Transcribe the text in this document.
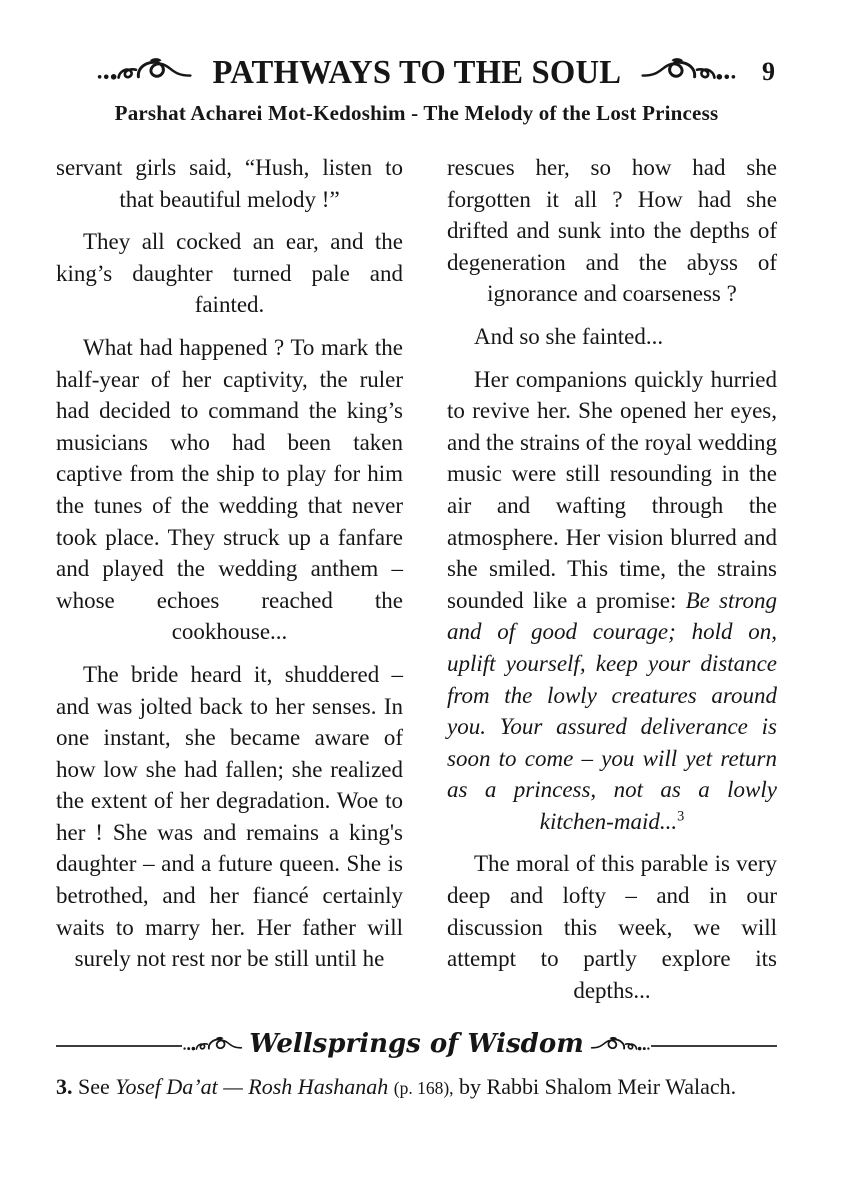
PATHWAYS TO THE SOUL	9
Parshat Acharei Mot-Kedoshim - The Melody of the Lost Princess

servant girls said, “Hush, listen to that beautiful melody !”

They all cocked an ear, and the king’s daughter turned pale and fainted.

What had happened ? To mark the half-year of her captivity, the ruler had decided to command the king’s musicians who had been taken captive from the ship to play for him the tunes of the wedding that never took place. They struck up a fanfare and played the wedding anthem – whose echoes reached the cookhouse...

The bride heard it, shuddered – and was jolted back to her senses. In one instant, she became aware of how low she had fallen; she realized the extent of her degradation. Woe to her ! She was and remains a king's daughter – and a future queen. She is betrothed, and her fiancé certainly waits to marry her. Her father will surely not rest nor be still until he

rescues her, so how had she forgotten it all ? How had she drifted and sunk into the depths of degeneration and the abyss of ignorance and coarseness ?

And so she fainted...

Her companions quickly hurried to revive her. She opened her eyes, and the strains of the royal wedding music were still resounding in the air and wafting through the atmosphere. Her vision blurred and she smiled. This time, the strains sounded like a promise: Be strong and of good courage; hold on, uplift yourself, keep your distance from the lowly creatures around you. Your assured deliverance is soon to come – you will yet return as a princess, not as a lowly kitchen-maid...$^3$

The moral of this parable is very deep and lofty – and in our discussion this week, we will attempt to partly explore its depths...

Wellsprings of Wisdom
3. See Yosef Da’at — Rosh Hashanah (p. 168), by Rabbi Shalom Meir Walach.
